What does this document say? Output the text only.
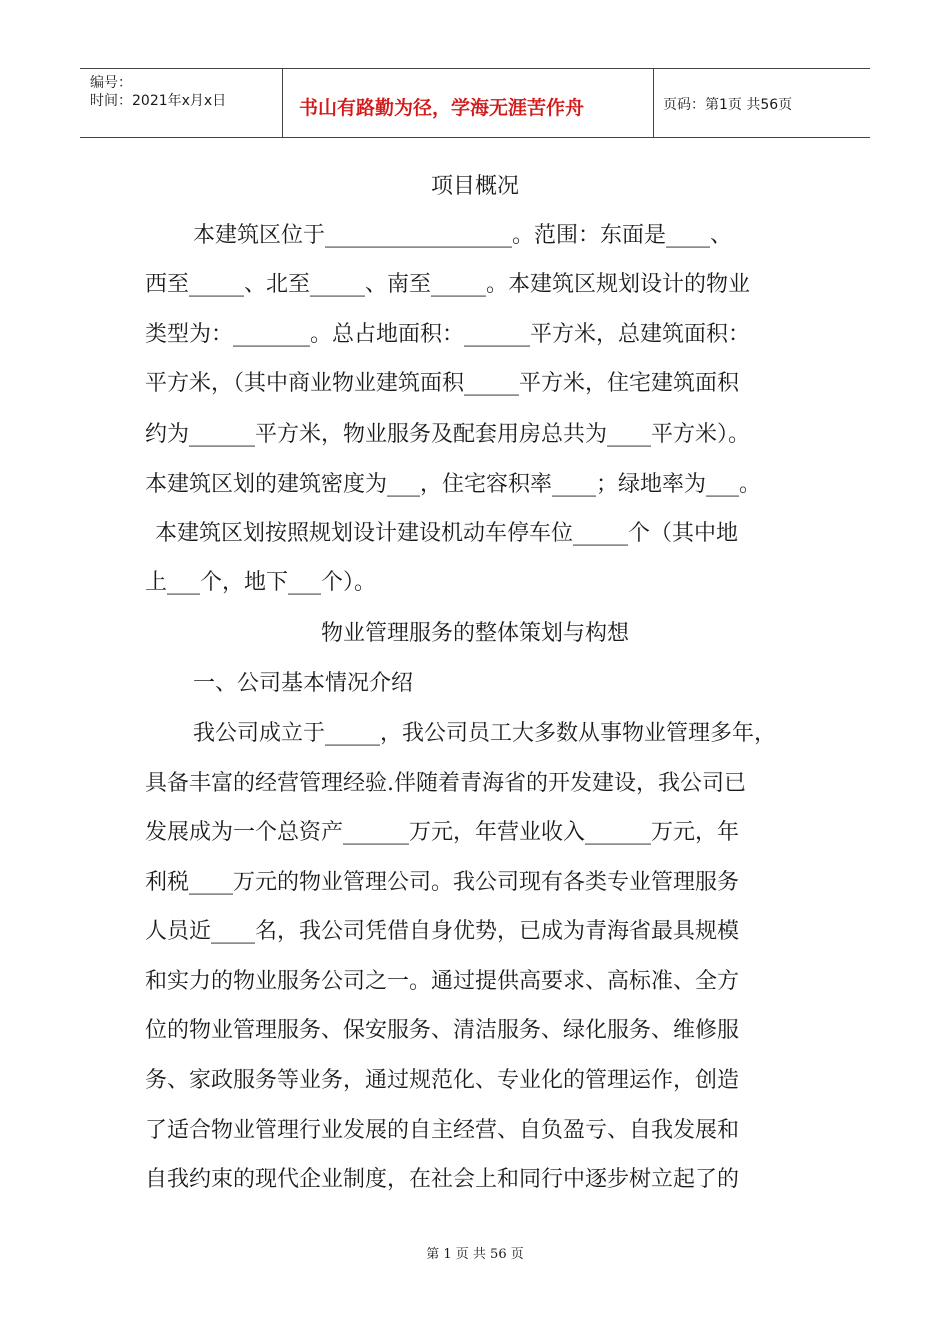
编号：
时间：2021年x月x日	书山有路勤为径，学海无涯苦作舟	页码：第1页 共56页
项目概况
本建筑区位于_________________。范围：东面是____、
西至_____、北至_____、南至_____。本建筑区规划设计的物业
类型为：_______。总占地面积：______平方米，总建筑面积：
平方米，（其中商业物业建筑面积_____平方米，住宅建筑面积
约为______平方米，物业服务及配套用房总共为____平方米）。
本建筑区划的建筑密度为___，住宅容积率____；绿地率为___。
本建筑区划按照规划设计建设机动车停车位_____个（其中地
上___个，地下___个）。
物业管理服务的整体策划与构想
一、公司基本情况介绍
我公司成立于_____，我公司员工大多数从事物业管理多年，
具备丰富的经营管理经验.伴随着青海省的开发建设，我公司已
发展成为一个总资产______万元，年营业收入______万元，年
利税____万元的物业管理公司。我公司现有各类专业管理服务
人员近____名，我公司凭借自身优势，已成为青海省最具规模
和实力的物业服务公司之一。通过提供高要求、高标准、全方
位的物业管理服务、保安服务、清洁服务、绿化服务、维修服
务、家政服务等业务，通过规范化、专业化的管理运作，创造
了适合物业管理行业发展的自主经营、自负盈亏、自我发展和
自我约束的现代企业制度，在社会上和同行中逐步树立起了的
第 1 页 共 56 页
